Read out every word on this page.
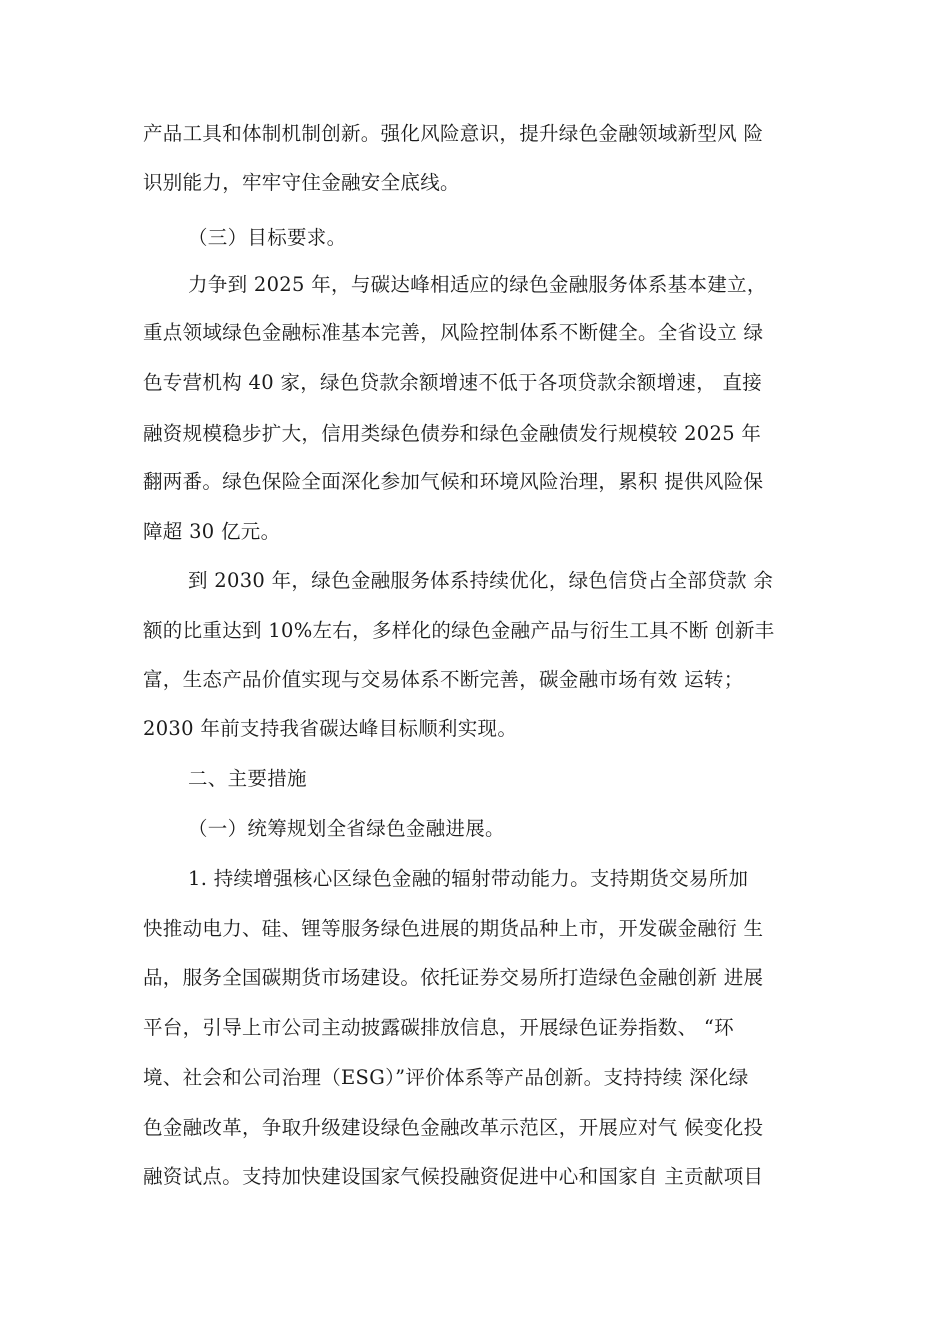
产品工具和体制机制创新。强化风险意识，提升绿色金融领域新型风 险
识别能力，牢牢守住金融安全底线。
（三）目标要求。
力争到 2025 年，与碳达峰相适应的绿色金融服务体系基本建立，
重点领域绿色金融标准基本完善，风险控制体系不断健全。全省设立 绿
色专营机构 40 家，绿色贷款余额增速不低于各项贷款余额增速， 直接
融资规模稳步扩大，信用类绿色债券和绿色金融债发行规模较 2025 年
翻两番。绿色保险全面深化参加气候和环境风险治理，累积 提供风险保
障超 30 亿元。
到 2030 年，绿色金融服务体系持续优化，绿色信贷占全部贷款 余
额的比重达到 10%左右，多样化的绿色金融产品与衍生工具不断 创新丰
富，生态产品价值实现与交易体系不断完善，碳金融市场有效 运转；
2030 年前支持我省碳达峰目标顺利实现。
二、主要措施
（一）统筹规划全省绿色金融进展。
1. 持续增强核心区绿色金融的辐射带动能力。支持期货交易所加
快推动电力、硅、锂等服务绿色进展的期货品种上市，开发碳金融衍 生
品，服务全国碳期货市场建设。依托证券交易所打造绿色金融创新 进展
平台，引导上市公司主动披露碳排放信息，开展绿色证券指数、 “环
境、社会和公司治理（ESG）”评价体系等产品创新。支持持续 深化绿
色金融改革，争取升级建设绿色金融改革示范区，开展应对气 候变化投
融资试点。支持加快建设国家气候投融资促进中心和国家自 主贡献项目
